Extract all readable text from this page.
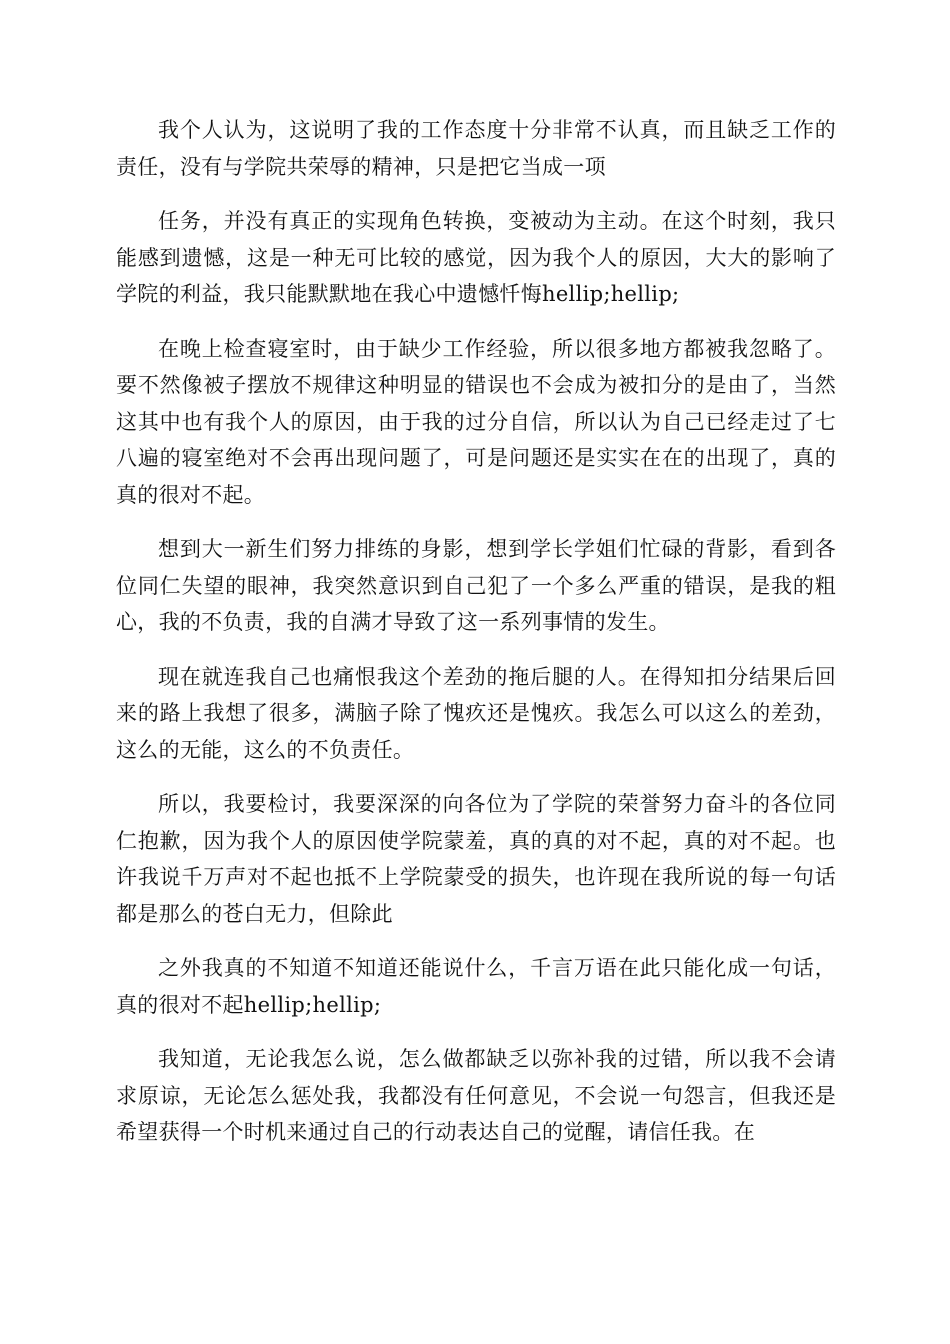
我个人认为，这说明了我的工作态度十分非常不认真，而且缺乏工作的责任，没有与学院共荣辱的精神，只是把它当成一项

任务，并没有真正的实现角色转换，变被动为主动。在这个时刻，我只能感到遗憾，这是一种无可比较的感觉，因为我个人的原因，大大的影响了学院的利益，我只能默默地在我心中遗憾忏悔hellip;hellip;

在晚上检查寝室时，由于缺少工作经验，所以很多地方都被我忽略了。要不然像被子摆放不规律这种明显的错误也不会成为被扣分的是由了，当然这其中也有我个人的原因，由于我的过分自信，所以认为自己已经走过了七八遍的寝室绝对不会再出现问题了，可是问题还是实实在在的出现了，真的真的很对不起。

想到大一新生们努力排练的身影，想到学长学姐们忙碌的背影，看到各位同仁失望的眼神，我突然意识到自己犯了一个多么严重的错误，是我的粗心，我的不负责，我的自满才导致了这一系列事情的发生。

现在就连我自己也痛恨我这个差劲的拖后腿的人。在得知扣分结果后回来的路上我想了很多，满脑子除了愧疚还是愧疚。我怎么可以这么的差劲，这么的无能，这么的不负责任。

所以，我要检讨，我要深深的向各位为了学院的荣誉努力奋斗的各位同仁抱歉，因为我个人的原因使学院蒙羞，真的真的对不起，真的对不起。也许我说千万声对不起也抵不上学院蒙受的损失，也许现在我所说的每一句话都是那么的苍白无力，但除此

之外我真的不知道不知道还能说什么，千言万语在此只能化成一句话，真的很对不起hellip;hellip;

我知道，无论我怎么说，怎么做都缺乏以弥补我的过错，所以我不会请求原谅，无论怎么惩处我，我都没有任何意见，不会说一句怨言，但我还是希望获得一个时机来通过自己的行动表达自己的觉醒，请信任我。在
